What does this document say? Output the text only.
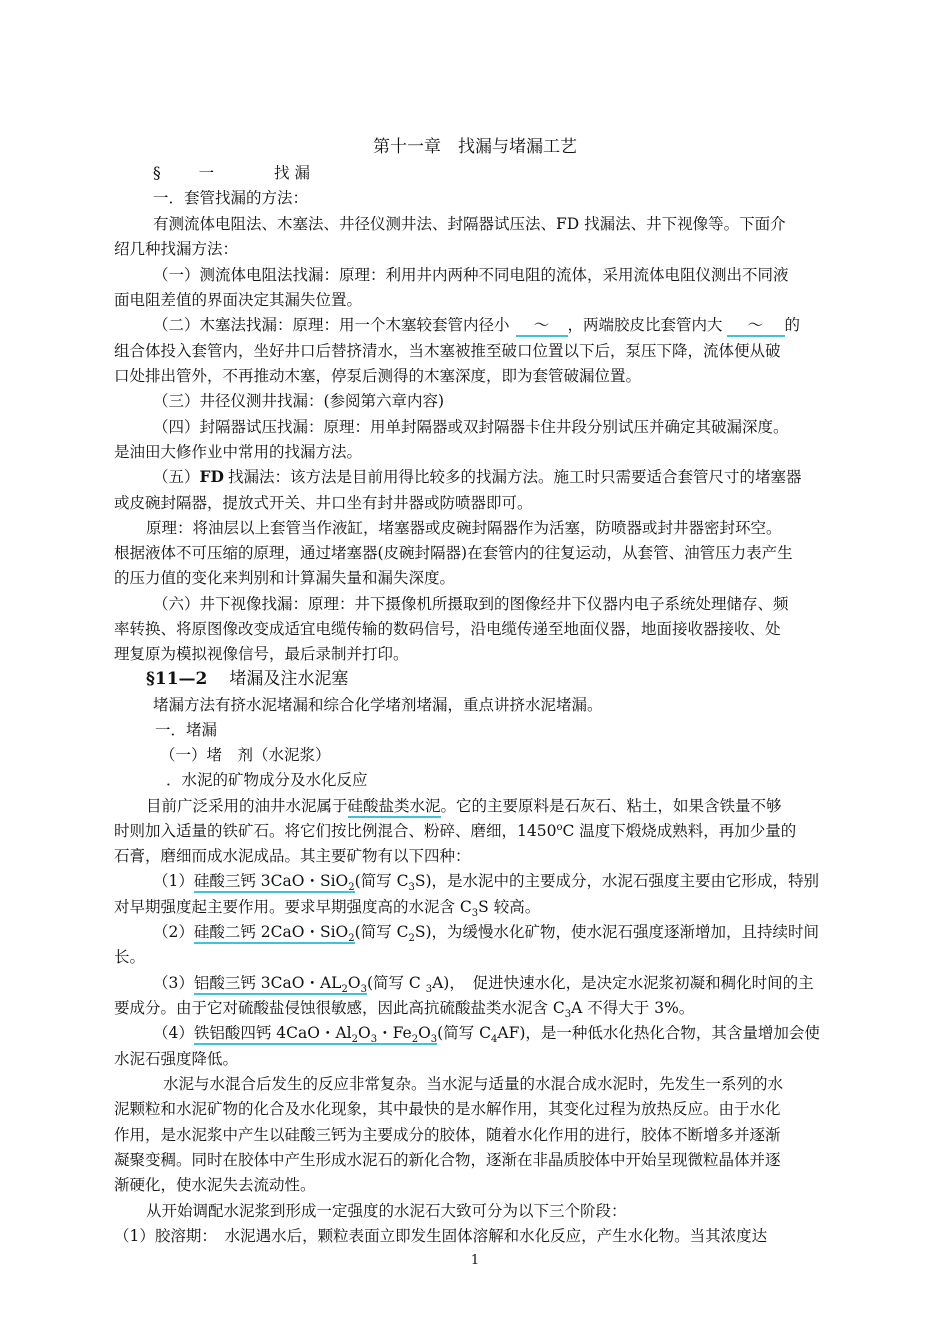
第十一章　找漏与堵漏工艺
§ 一	找 漏
一．套管找漏的方法：
有测流体电阻法、木塞法、井径仪测井法、封隔器试压法、FD 找漏法、井下视像等。下面介
绍几种找漏方法：
（一）测流体电阻法找漏：原理：利用井内两种不同电阻的流体，采用流体电阻仪测出不同液
面电阻差值的界面决定其漏失位置。
（二）木塞法找漏：原理：用一个木塞较套管内径小 ～ ，两端胶皮比套管内大 ～ 的
组合体投入套管内，坐好井口后替挤清水，当木塞被推至破口位置以下后，泵压下降，流体便从破
口处排出管外，不再推动木塞，停泵后测得的木塞深度，即为套管破漏位置。
（三）井径仪测井找漏：(参阅第六章内容)
（四）封隔器试压找漏：原理：用单封隔器或双封隔器卡住井段分别试压并确定其破漏深度。
是油田大修作业中常用的找漏方法。
（五）FD 找漏法：该方法是目前用得比较多的找漏方法。施工时只需要适合套管尺寸的堵塞器
或皮碗封隔器，提放式开关、井口坐有封井器或防喷器即可。
原理：将油层以上套管当作液缸，堵塞器或皮碗封隔器作为活塞，防喷器或封井器密封环空。
根据液体不可压缩的原理，通过堵塞器(皮碗封隔器)在套管内的往复运动，从套管、油管压力表产生
的压力值的变化来判别和计算漏失量和漏失深度。
（六）井下视像找漏：原理：井下摄像机所摄取到的图像经井下仪器内电子系统处理储存、频
率转换、将原图像改变成适宜电缆传输的数码信号，沿电缆传递至地面仪器，地面接收器接收、处
理复原为模拟视像信号，最后录制并打印。
§11—2 堵漏及注水泥塞
堵漏方法有挤水泥堵漏和综合化学堵剂堵漏，重点讲挤水泥堵漏。
一．堵漏
（一）堵　剂（水泥浆）
．水泥的矿物成分及水化反应
目前广泛采用的油井水泥属于硅酸盐类水泥。它的主要原料是石灰石、粘土，如果含铁量不够
时则加入适量的铁矿石。将它们按比例混合、粉碎、磨细，1450$^o$C 温度下煅烧成熟料，再加少量的
石膏，磨细而成水泥成品。其主要矿物有以下四种：
（1）硅酸三钙 3CaO・SiO$_2$(简写 $C_3S$)，是水泥中的主要成分，水泥石强度主要由它形成，特别
对早期强度起主要作用。要求早期强度高的水泥含 $C_3S$ 较高。
（2）硅酸二钙 2CaO・SiO$_2$(简写 $C_2S$)，为缓慢水化矿物，使水泥石强度逐渐增加，且持续时间
长。
（3）铝酸三钙 3CaO・$AL_2O_3$(简写 C $_3$A)，　促进快速水化，是决定水泥浆初凝和稠化时间的主
要成分。由于它对硫酸盐侵蚀很敏感，因此高抗硫酸盐类水泥含 $C_3A$ 不得大于 3%。
（4）铁铝酸四钙 4CaO・$Al_2O_3$・$Fe_2O_3$(简写 $C_4AF$)，是一种低水化热化合物，其含量增加会使
水泥石强度降低。
水泥与水混合后发生的反应非常复杂。当水泥与适量的水混合成水泥时，先发生一系列的水
泥颗粒和水泥矿物的化合及水化现象，其中最快的是水解作用，其变化过程为放热反应。由于水化
作用，是水泥浆中产生以硅酸三钙为主要成分的胶体，随着水化作用的进行，胶体不断增多并逐渐
凝聚变稠。同时在胶体中产生形成水泥石的新化合物，逐渐在非晶质胶体中开始呈现微粒晶体并逐
渐硬化，使水泥失去流动性。
从开始调配水泥浆到形成一定强度的水泥石大致可分为以下三个阶段：
（1）胶溶期：　水泥遇水后，颗粒表面立即发生固体溶解和水化反应，产生水化物。当其浓度达
1
